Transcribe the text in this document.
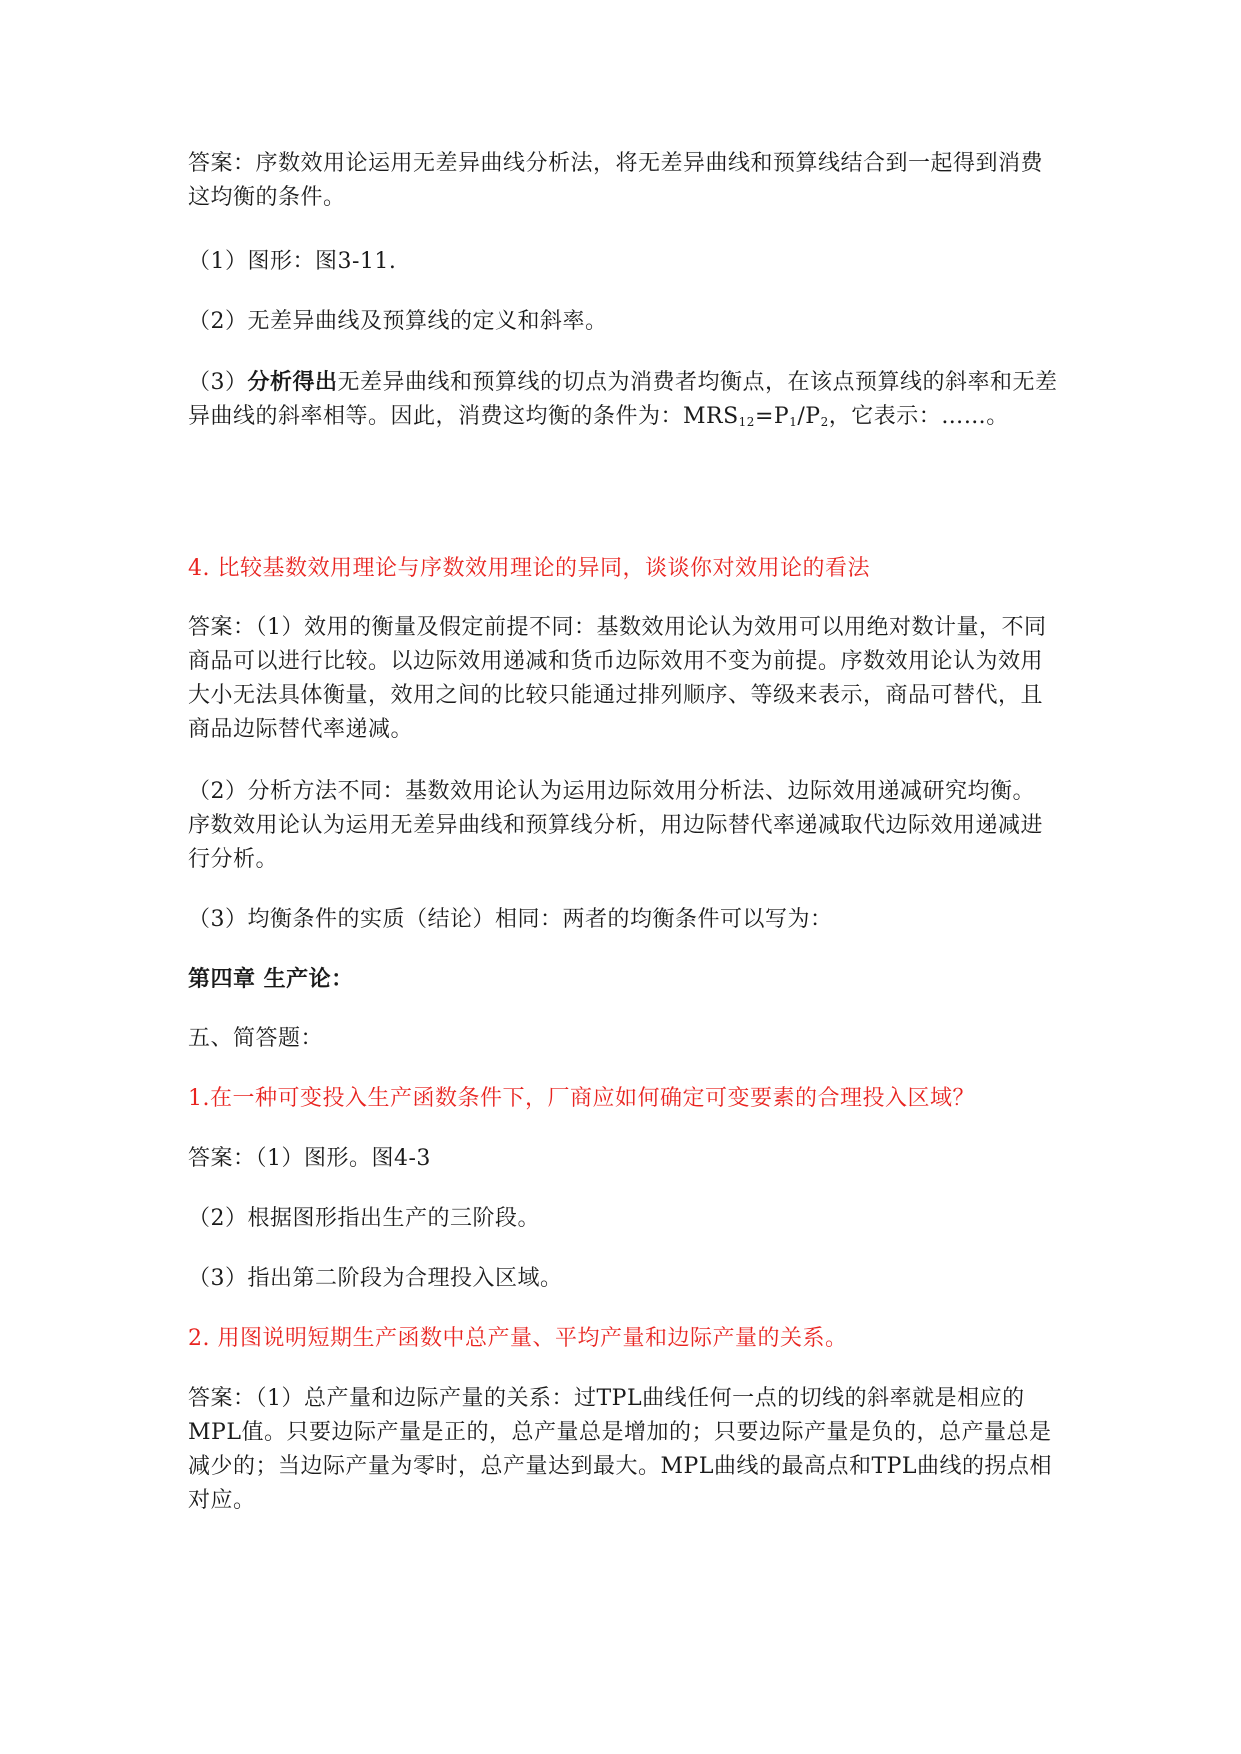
答案：序数效用论运用无差异曲线分析法，将无差异曲线和预算线结合到一起得到消费这均衡的条件。

（1）图形：图3-11.

（2）无差异曲线及预算线的定义和斜率。

（3）分析得出无差异曲线和预算线的切点为消费者均衡点，在该点预算线的斜率和无差异曲线的斜率相等。因此，消费这均衡的条件为：$MRS_{12}=P_1/P_2$，它表示：……。

4. 比较基数效用理论与序数效用理论的异同，谈谈你对效用论的看法

答案：（1）效用的衡量及假定前提不同：基数效用论认为效用可以用绝对数计量，不同商品可以进行比较。以边际效用递减和货币边际效用不变为前提。序数效用论认为效用大小无法具体衡量，效用之间的比较只能通过排列顺序、等级来表示，商品可替代，且商品边际替代率递减。

（2）分析方法不同：基数效用论认为运用边际效用分析法、边际效用递减研究均衡。 序数效用论认为运用无差异曲线和预算线分析，用边际替代率递减取代边际效用递减进行分析。

（3）均衡条件的实质（结论）相同：两者的均衡条件可以写为：

第四章 生产论：

五、简答题：

1.在一种可变投入生产函数条件下，厂商应如何确定可变要素的合理投入区域？

答案：（1）图形。图4-3

（2）根据图形指出生产的三阶段。

（3）指出第二阶段为合理投入区域。

2. 用图说明短期生产函数中总产量、平均产量和边际产量的关系。

答案：（1）总产量和边际产量的关系：过TPL曲线任何一点的切线的斜率就是相应的MPL值。只要边际产量是正的，总产量总是增加的；只要边际产量是负的，总产量总是减少的；当边际产量为零时，总产量达到最大。MPL曲线的最高点和TPL曲线的拐点相对应。
